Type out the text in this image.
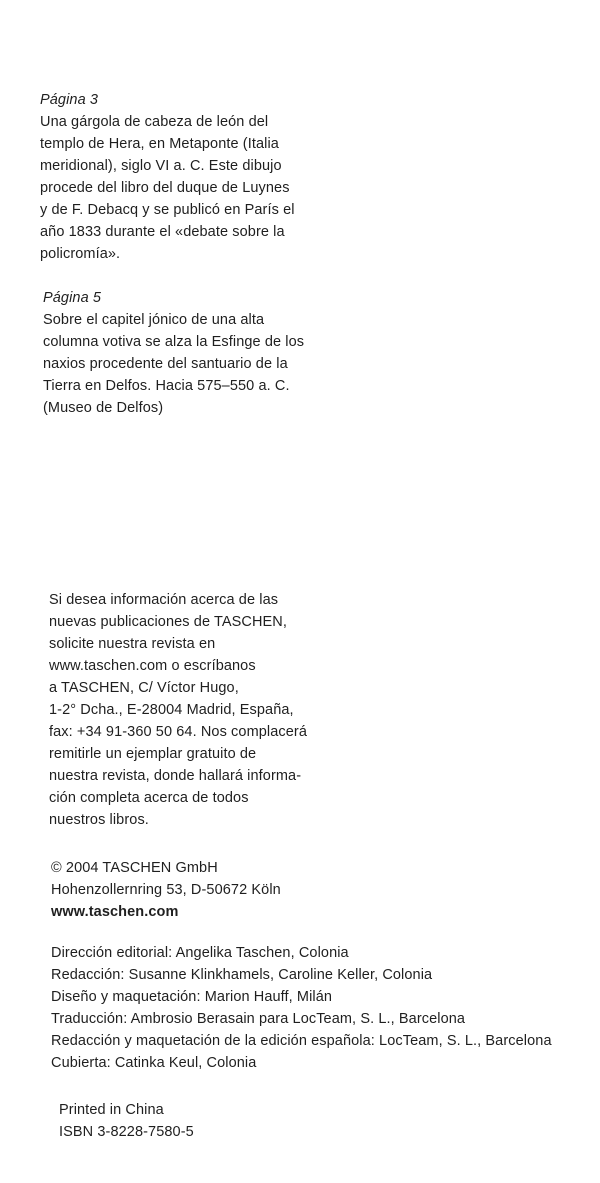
Página 3
Una gárgola de cabeza de león del
templo de Hera, en Metaponte (Italia
meridional), siglo VI a. C. Este dibujo
procede del libro del duque de Luynes
y de F. Debacq y se publicó en París el
año 1833 durante el «debate sobre la
policromía».
Página 5
Sobre el capitel jónico de una alta
columna votiva se alza la Esfinge de los
naxios procedente del santuario de la
Tierra en Delfos. Hacia 575–550 a. C.
(Museo de Delfos)
Si desea información acerca de las
nuevas publicaciones de TASCHEN,
solicite nuestra revista en
www.taschen.com o escríbanos
a TASCHEN, C/ Víctor Hugo,
1-2° Dcha., E-28004 Madrid, España,
fax: +34 91-360 50 64. Nos complacerá
remitirle un ejemplar gratuito de
nuestra revista, donde hallará informa-
ción completa acerca de todos
nuestros libros.
© 2004 TASCHEN GmbH
Hohenzollernring 53, D-50672 Köln
www.taschen.com
Dirección editorial: Angelika Taschen, Colonia
Redacción: Susanne Klinkhamels, Caroline Keller, Colonia
Diseño y maquetación: Marion Hauff, Milán
Traducción: Ambrosio Berasain para LocTeam, S. L., Barcelona
Redacción y maquetación de la edición española: LocTeam, S. L., Barcelona
Cubierta: Catinka Keul, Colonia
Printed in China
ISBN 3-8228-7580-5
